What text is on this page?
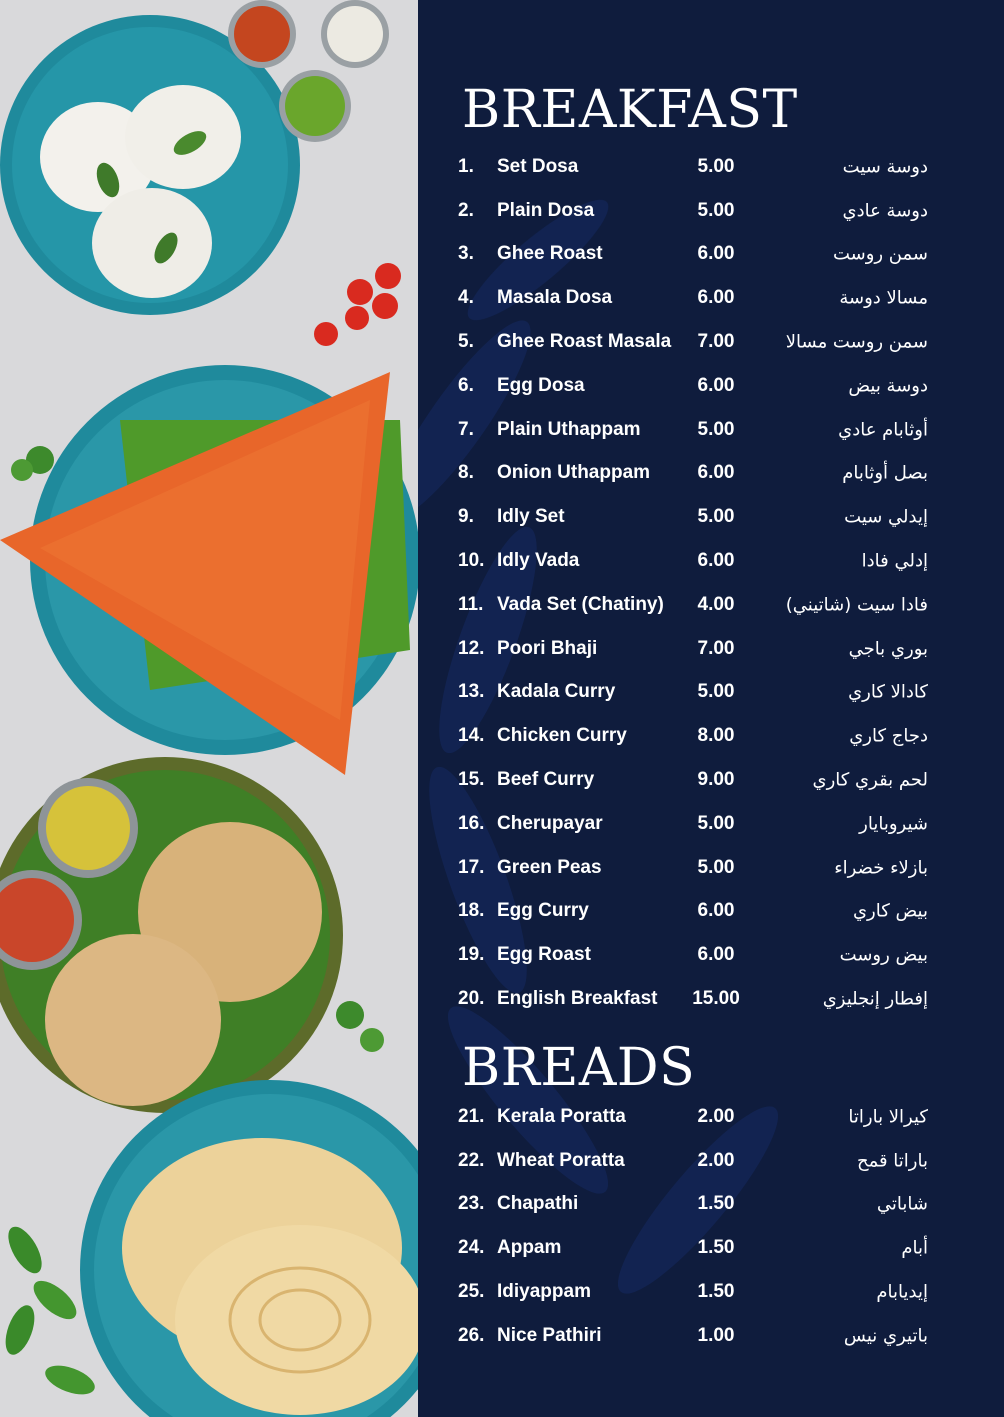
BREAKFAST
1. Set Dosa	5.00	دوسة سيت
2. Plain Dosa	5.00	دوسة عادي
3. Ghee Roast	6.00	سمن روست
4. Masala Dosa	6.00	مسالا دوسة
5. Ghee Roast Masala	7.00	سمن روست مسالا
6. Egg Dosa	6.00	دوسة بيض
7. Plain Uthappam	5.00	أوثابام عادي
8. Onion Uthappam	6.00	بصل أوثابام
9. Idly Set	5.00	إيدلي سيت
10. Idly Vada	6.00	إدلي فادا
11. Vada Set (Chatiny)	4.00	فادا سيت (شاتيني)
12. Poori Bhaji	7.00	بوري باجي
13. Kadala Curry	5.00	كادالا كاري
14. Chicken Curry	8.00	دجاج كاري
15. Beef Curry	9.00	لحم بقري كاري
16. Cherupayar	5.00	شيروبايار
17. Green Peas	5.00	بازلاء خضراء
18. Egg Curry	6.00	بيض كاري
19. Egg Roast	6.00	بيض روست
20. English Breakfast	15.00	إفطار إنجليزي
BREADS
21. Kerala Poratta	2.00	كيرالا باراتا
22. Wheat Poratta	2.00	باراتا قمح
23. Chapathi	1.50	شاباتي
24. Appam	1.50	أبام
25. Idiyappam	1.50	إيديابام
26. Nice Pathiri	1.00	باتيري نيس
